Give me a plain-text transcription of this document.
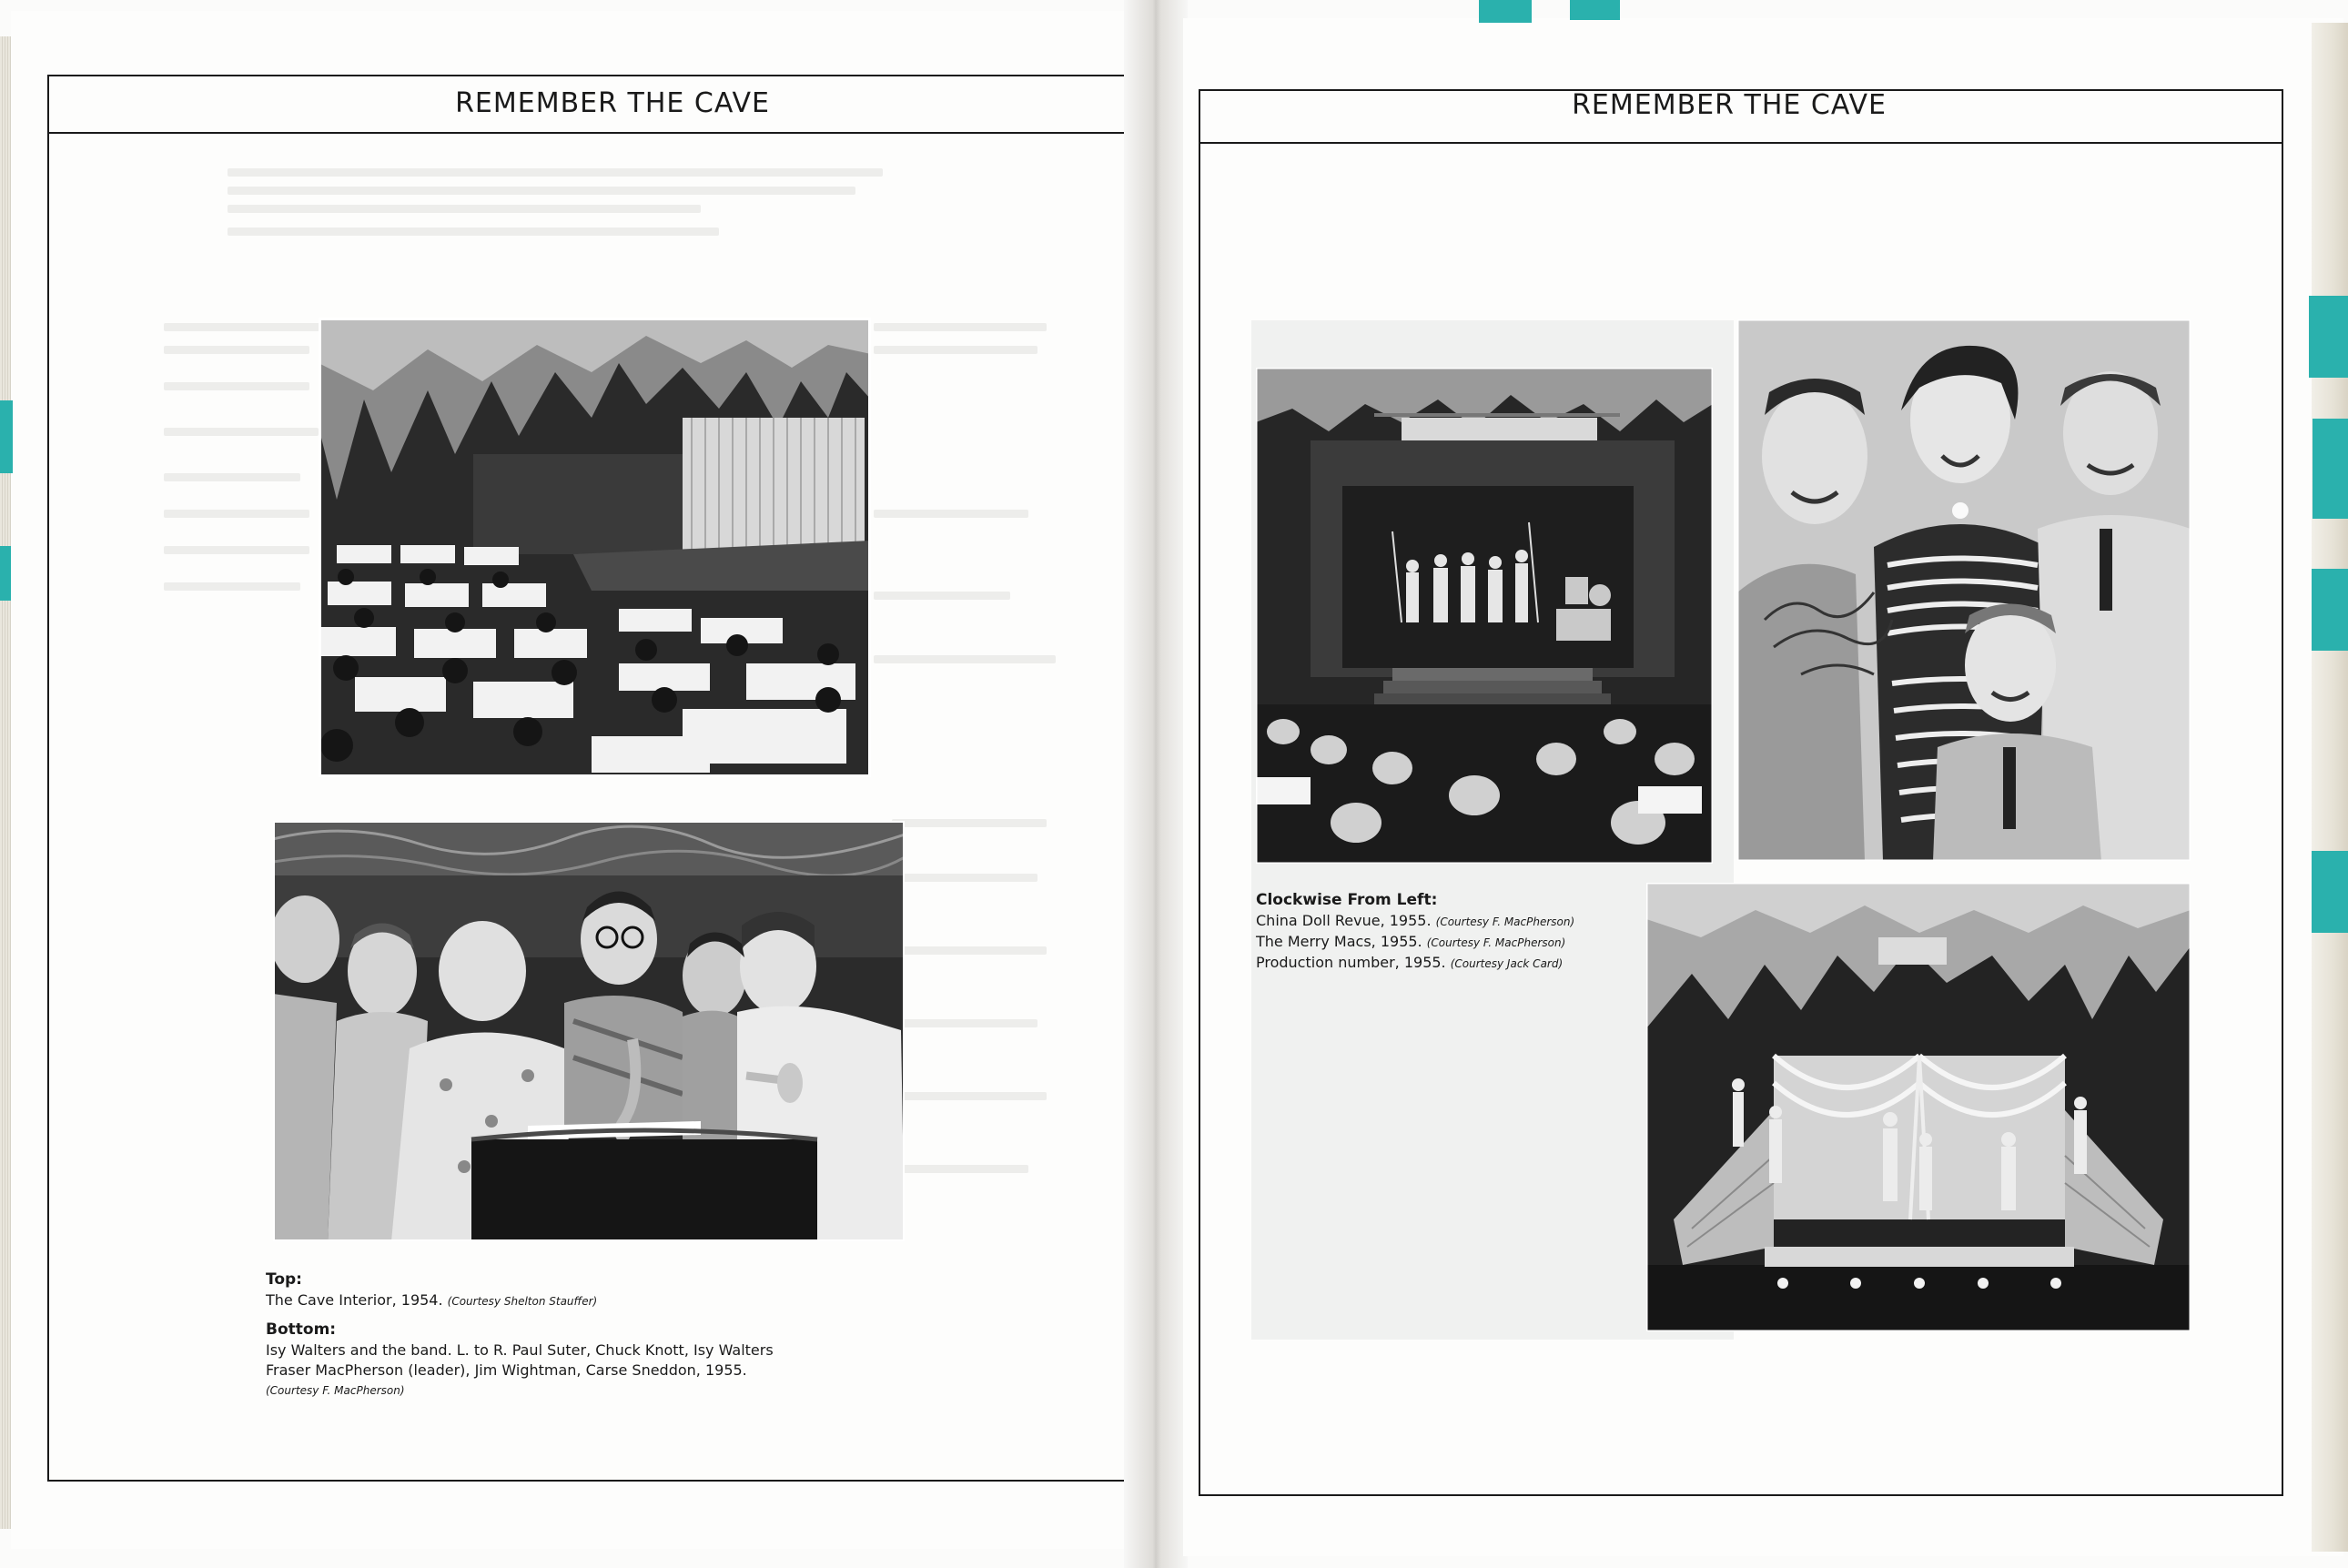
REMEMBER THE CAVE

Top:

The Cave Interior, 1954. (Courtesy Shelton Stauffer)

Bottom:

Isy Walters and the band. L. to R. Paul Suter, Chuck Knott, Isy Walters

Fraser MacPherson (leader), Jim Wightman, Carse Sneddon, 1955.

(Courtesy F. MacPherson)

REMEMBER THE CAVE

Clockwise From Left:

China Doll Revue, 1955. (Courtesy F. MacPherson)

The Merry Macs, 1955. (Courtesy F. MacPherson)

Production number, 1955. (Courtesy Jack Card)
